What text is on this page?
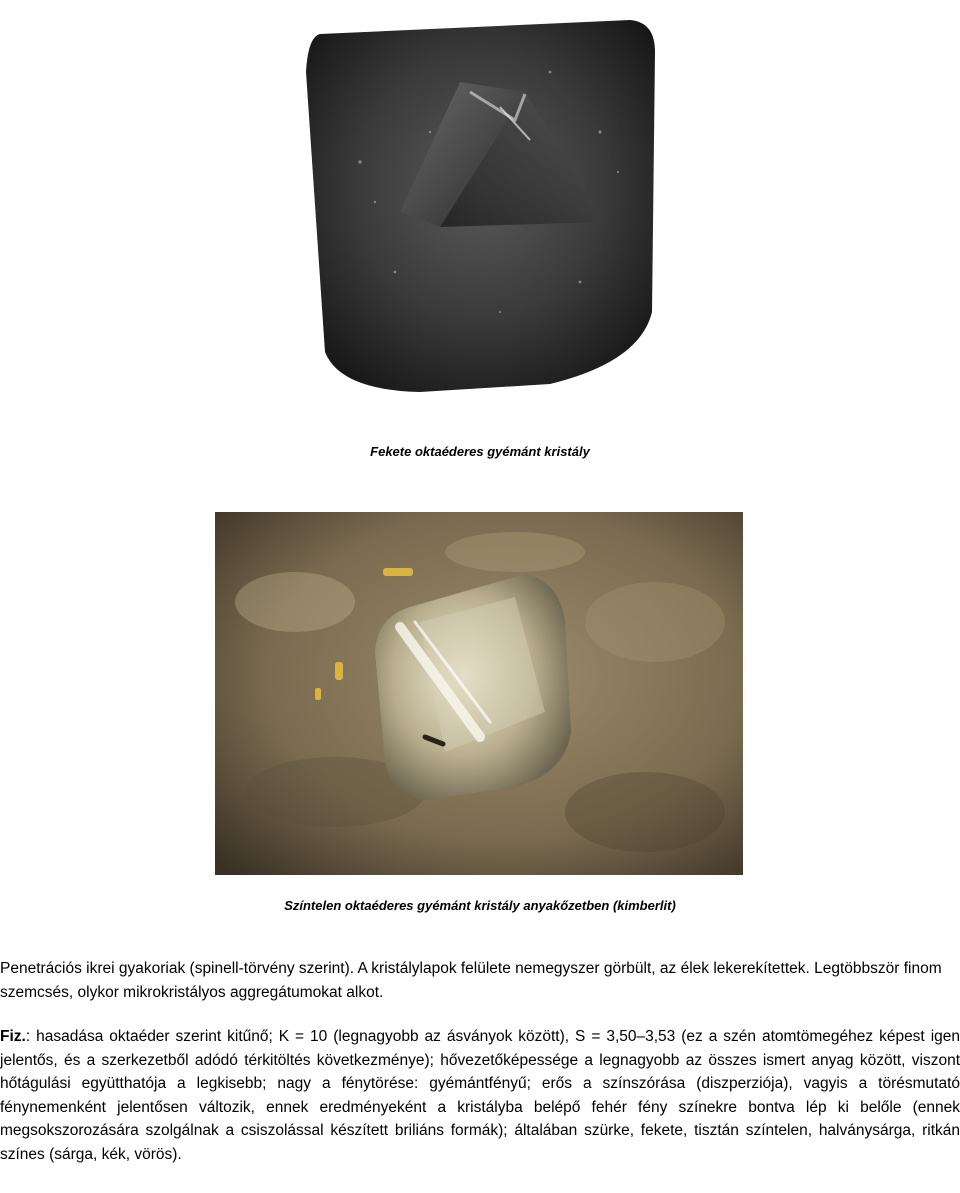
Fekete oktaéderes gyémánt kristály
Színtelen oktaéderes gyémánt kristály anyakőzetben (kimberlit)

Penetrációs ikrei gyakoriak (spinell-törvény szerint). A kristálylapok felülete nemegyszer görbült, az élek lekerekítettek. Legtöbbször finom szemcsés, olykor mikrokristályos aggregátumokat alkot.

Fiz.: hasadása oktaéder szerint kitűnő; K = 10 (legnagyobb az ásványok között), S = 3,50–3,53 (ez a szén atomtömegéhez képest igen jelentős, és a szerkezetből adódó térkitöltés következménye); hővezetőképessége a legnagyobb az összes ismert anyag között, viszont hőtágulási együtthatója a legkisebb; nagy a fénytörése: gyémántfényű; erős a színszórása (diszperziója), vagyis a törésmutató fénynemenként jelentősen változik, ennek eredményeként a kristályba belépő fehér fény színekre bontva lép ki belőle (ennek megsokszorozására szolgálnak a csiszolással készített briliáns formák); általában szürke, fekete, tisztán színtelen, halványsárga, ritkán színes (sárga, kék, vörös).
